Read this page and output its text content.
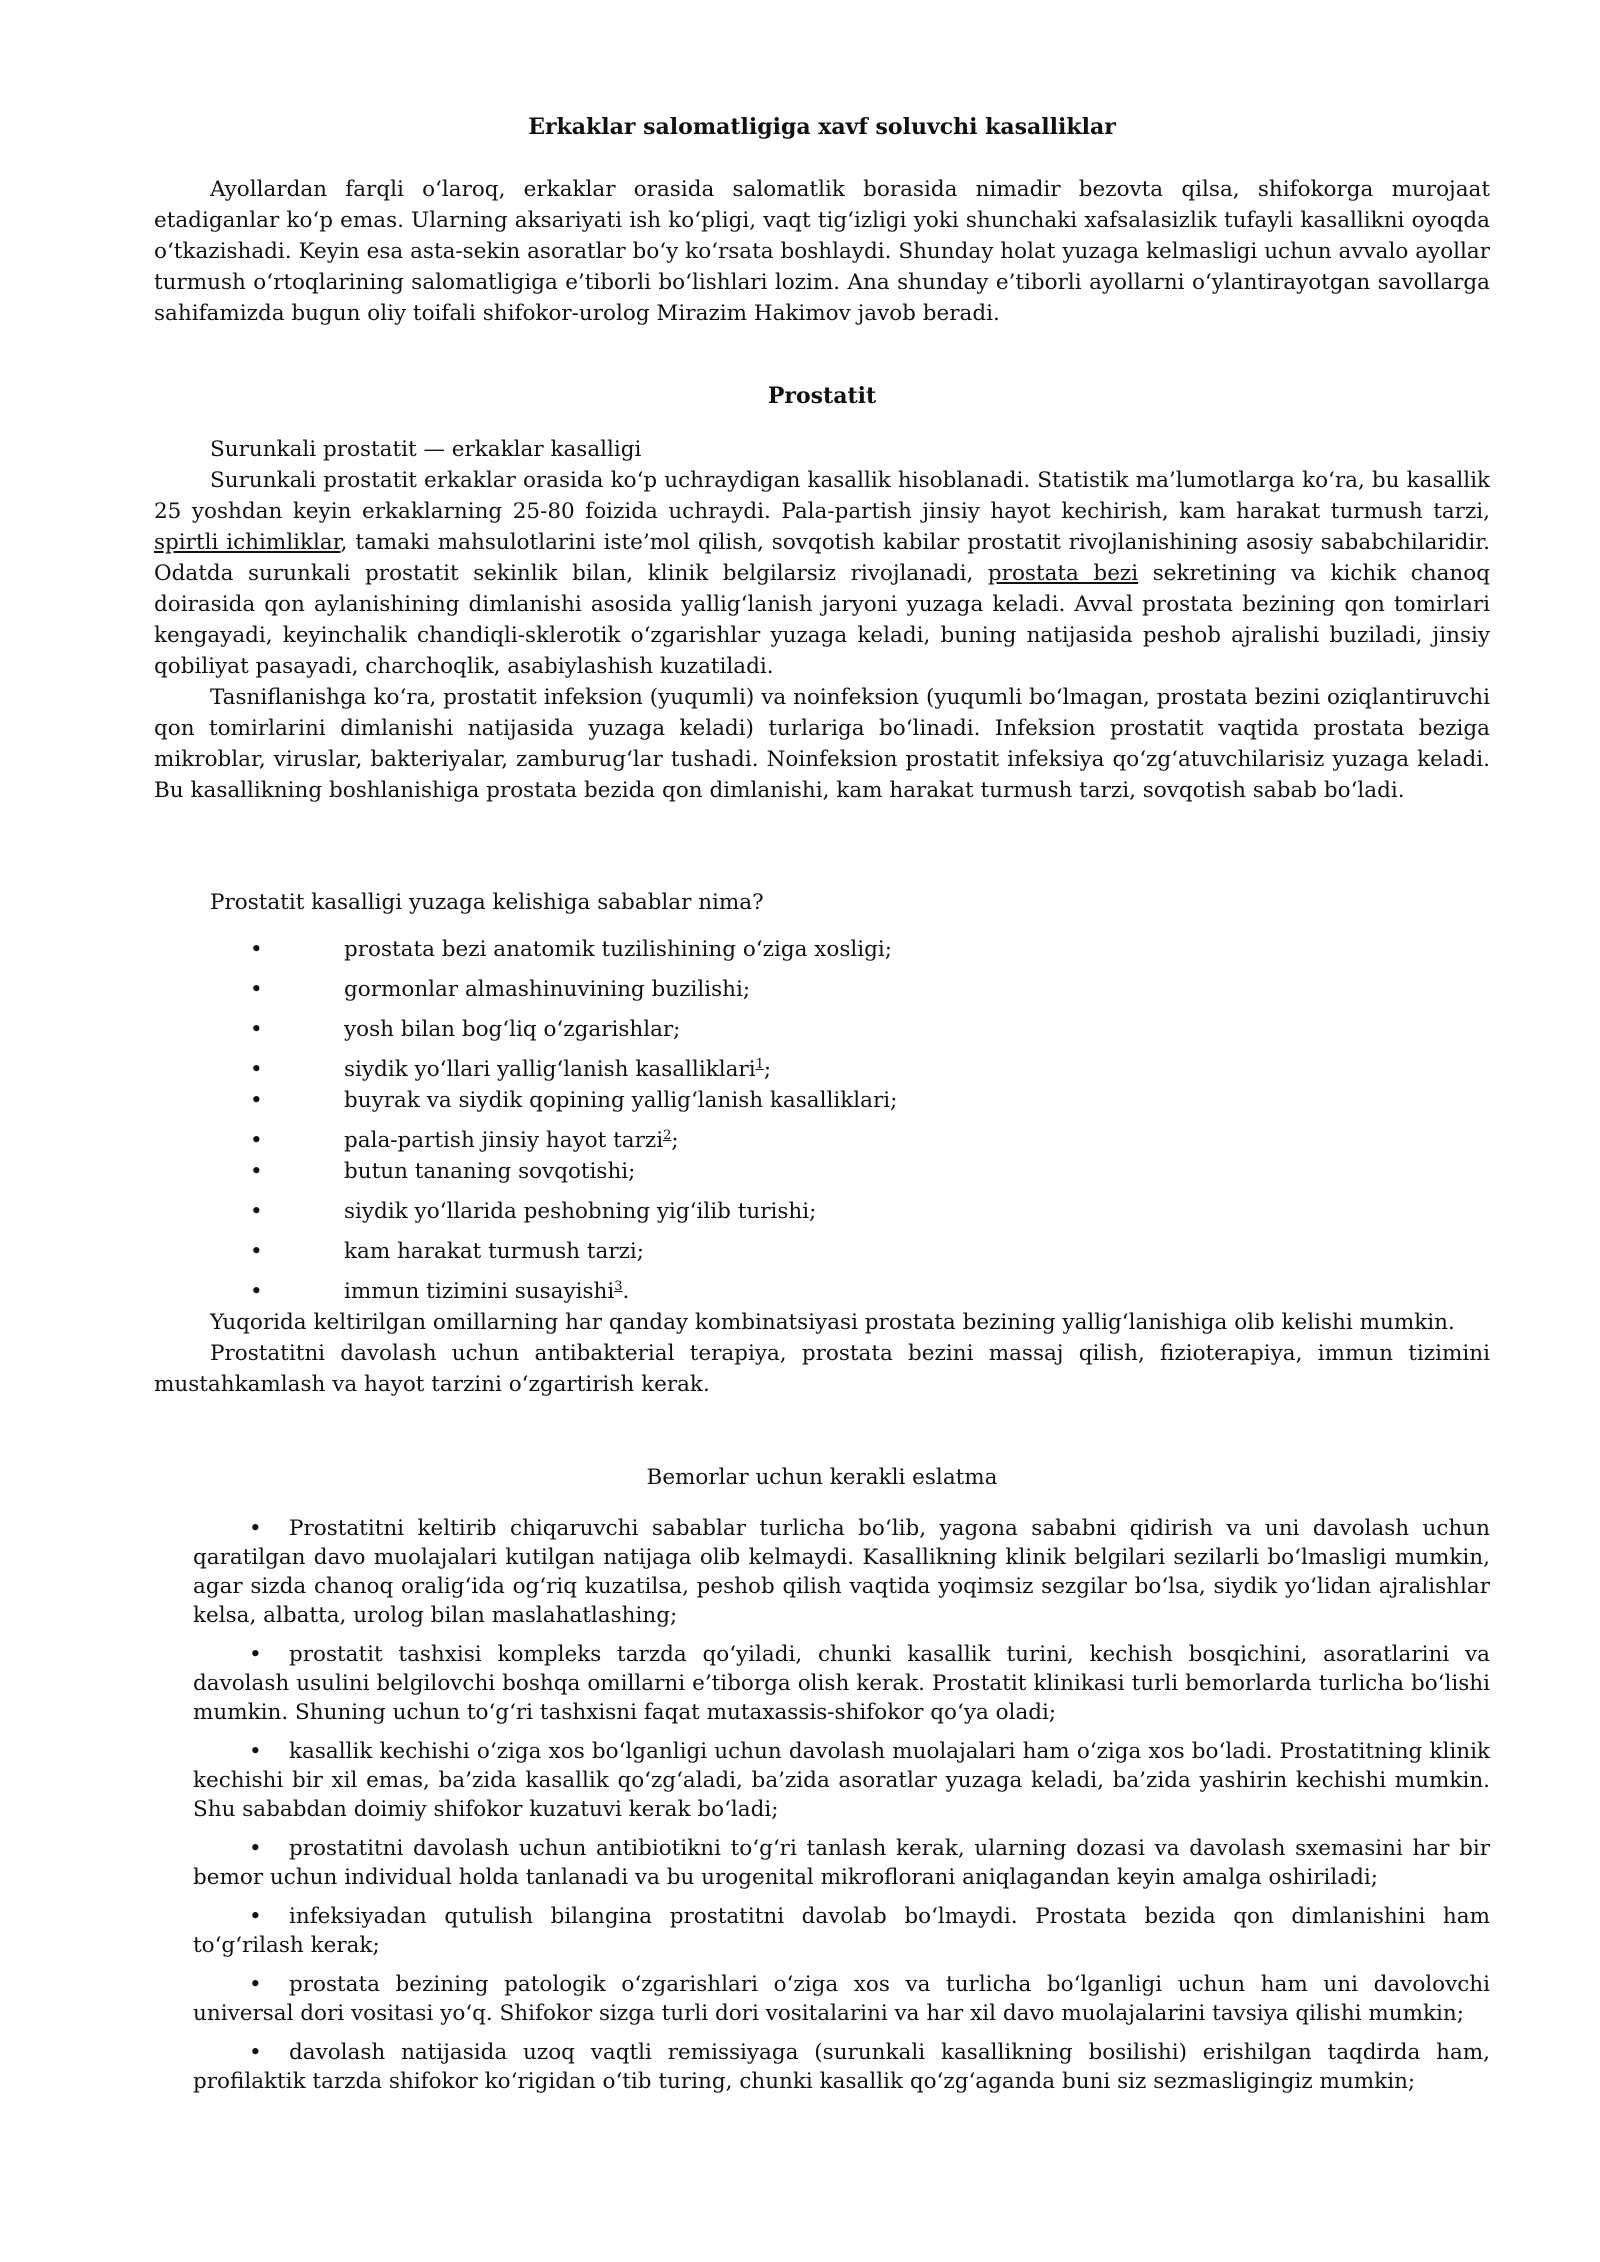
Erkaklar salomatligiga xavf soluvchi kasalliklar

Ayollardan farqli o‘laroq, erkaklar orasida salomatlik borasida nimadir bezovta qilsa, shifokorga murojaat etadiganlar ko‘p emas. Ularning aksariyati ish ko‘pligi, vaqt tig‘izligi yoki shunchaki xafsalasizlik tufayli kasallikni oyoqda o‘tkazishadi. Keyin esa asta-sekin asoratlar bo‘y ko‘rsata boshlaydi. Shunday holat yuzaga kelmasligi uchun avvalo ayollar turmush o‘rtoqlarining salomatligiga e’tiborli bo‘lishlari lozim. Ana shunday e’tiborli ayollarni o‘ylantirayotgan savollarga sahifamizda bugun oliy toifali shifokor-urolog Mirazim Hakimov javob beradi.

Prostatit

Surunkali prostatit — erkaklar kasalligi

Surunkali prostatit erkaklar orasida ko‘p uchraydigan kasallik hisoblanadi. Statistik ma’lumotlarga ko‘ra, bu kasallik 25 yoshdan keyin erkaklarning 25-80 foizida uchraydi. Pala-partish jinsiy hayot kechirish, kam harakat turmush tarzi, spirtli ichimliklar, tamaki mahsulotlarini iste’mol qilish, sovqotish kabilar prostatit rivojlanishining asosiy sababchilaridir. Odatda surunkali prostatit sekinlik bilan, klinik belgilarsiz rivojlanadi, prostata bezi sekretining va kichik chanoq doirasida qon aylanishining dimlanishi asosida yallig‘lanish jaryoni yuzaga keladi. Avval prostata bezining qon tomirlari kengayadi, keyinchalik chandiqli-sklerotik o‘zgarishlar yuzaga keladi, buning natijasida peshob ajralishi buziladi, jinsiy qobiliyat pasayadi, charchoqlik, asabiylashish kuzatiladi.

Tasniflanishga ko‘ra, prostatit infeksion (yuqumli) va noinfeksion (yuqumli bo‘lmagan, prostata bezini oziqlantiruvchi qon tomirlarini dimlanishi natijasida yuzaga keladi) turlariga bo‘linadi. Infeksion prostatit vaqtida prostata beziga mikroblar, viruslar, bakteriyalar, zamburug‘lar tushadi. Noinfeksion prostatit infeksiya qo‘zg‘atuvchilarisiz yuzaga keladi. Bu kasallikning boshlanishiga prostata bezida qon dimlanishi, kam harakat turmush tarzi, sovqotish sabab bo‘ladi.

Prostatit kasalligi yuzaga kelishiga sabablar nima?

•	prostata bezi anatomik tuzilishining o‘ziga xosligi;
•	gormonlar almashinuvining buzilishi;
•	yosh bilan bog‘liq o‘zgarishlar;
•	siydik yo‘llari yallig‘lanish kasalliklari$^1$;
•	buyrak va siydik qopining yallig‘lanish kasalliklari;
•	pala-partish jinsiy hayot tarzi$^2$;
•	butun tananing sovqotishi;
•	siydik yo‘llarida peshobning yig‘ilib turishi;
•	kam harakat turmush tarzi;
•	immun tizimini susayishi$^3$.

Yuqorida keltirilgan omillarning har qanday kombinatsiyasi prostata bezining yallig‘lanishiga olib kelishi mumkin.

Prostatitni davolash uchun antibakterial terapiya, prostata bezini massaj qilish, fizioterapiya, immun tizimini mustahkamlash va hayot tarzini o‘zgartirish kerak.

Bemorlar uchun kerakli eslatma

• Prostatitni keltirib chiqaruvchi sabablar turlicha bo‘lib, yagona sababni qidirish va uni davolash uchun qaratilgan davo muolajalari kutilgan natijaga olib kelmaydi. Kasallikning klinik belgilari sezilarli bo‘lmasligi mumkin, agar sizda chanoq oralig‘ida og‘riq kuzatilsa, peshob qilish vaqtida yoqimsiz sezgilar bo‘lsa, siydik yo‘lidan ajralishlar kelsa, albatta, urolog bilan maslahatlashing;

• prostatit tashxisi kompleks tarzda qo‘yiladi, chunki kasallik turini, kechish bosqichini, asoratlarini va davolash usulini belgilovchi boshqa omillarni e’tiborga olish kerak. Prostatit klinikasi turli bemorlarda turlicha bo‘lishi mumkin. Shuning uchun to‘g‘ri tashxisni faqat mutaxassis-shifokor qo‘ya oladi;

• kasallik kechishi o‘ziga xos bo‘lganligi uchun davolash muolajalari ham o‘ziga xos bo‘ladi. Prostatitning klinik kechishi bir xil emas, ba’zida kasallik qo‘zg‘aladi, ba’zida asoratlar yuzaga keladi, ba’zida yashirin kechishi mumkin. Shu sababdan doimiy shifokor kuzatuvi kerak bo‘ladi;

• prostatitni davolash uchun antibiotikni to‘g‘ri tanlash kerak, ularning dozasi va davolash sxemasini har bir bemor uchun individual holda tanlanadi va bu urogenital mikroflorani aniqlagandan keyin amalga oshiriladi;

• infeksiyadan qutulish bilangina prostatitni davolab bo‘lmaydi. Prostata bezida qon dimlanishini ham to‘g‘rilash kerak;

• prostata bezining patologik o‘zgarishlari o‘ziga xos va turlicha bo‘lganligi uchun ham uni davolovchi universal dori vositasi yo‘q. Shifokor sizga turli dori vositalarini va har xil davo muolajalarini tavsiya qilishi mumkin;

• davolash natijasida uzoq vaqtli remissiyaga (surunkali kasallikning bosilishi) erishilgan taqdirda ham, profilaktik tarzda shifokor ko‘rigidan o‘tib turing, chunki kasallik qo‘zg‘aganda buni siz sezmasligingiz mumkin;
